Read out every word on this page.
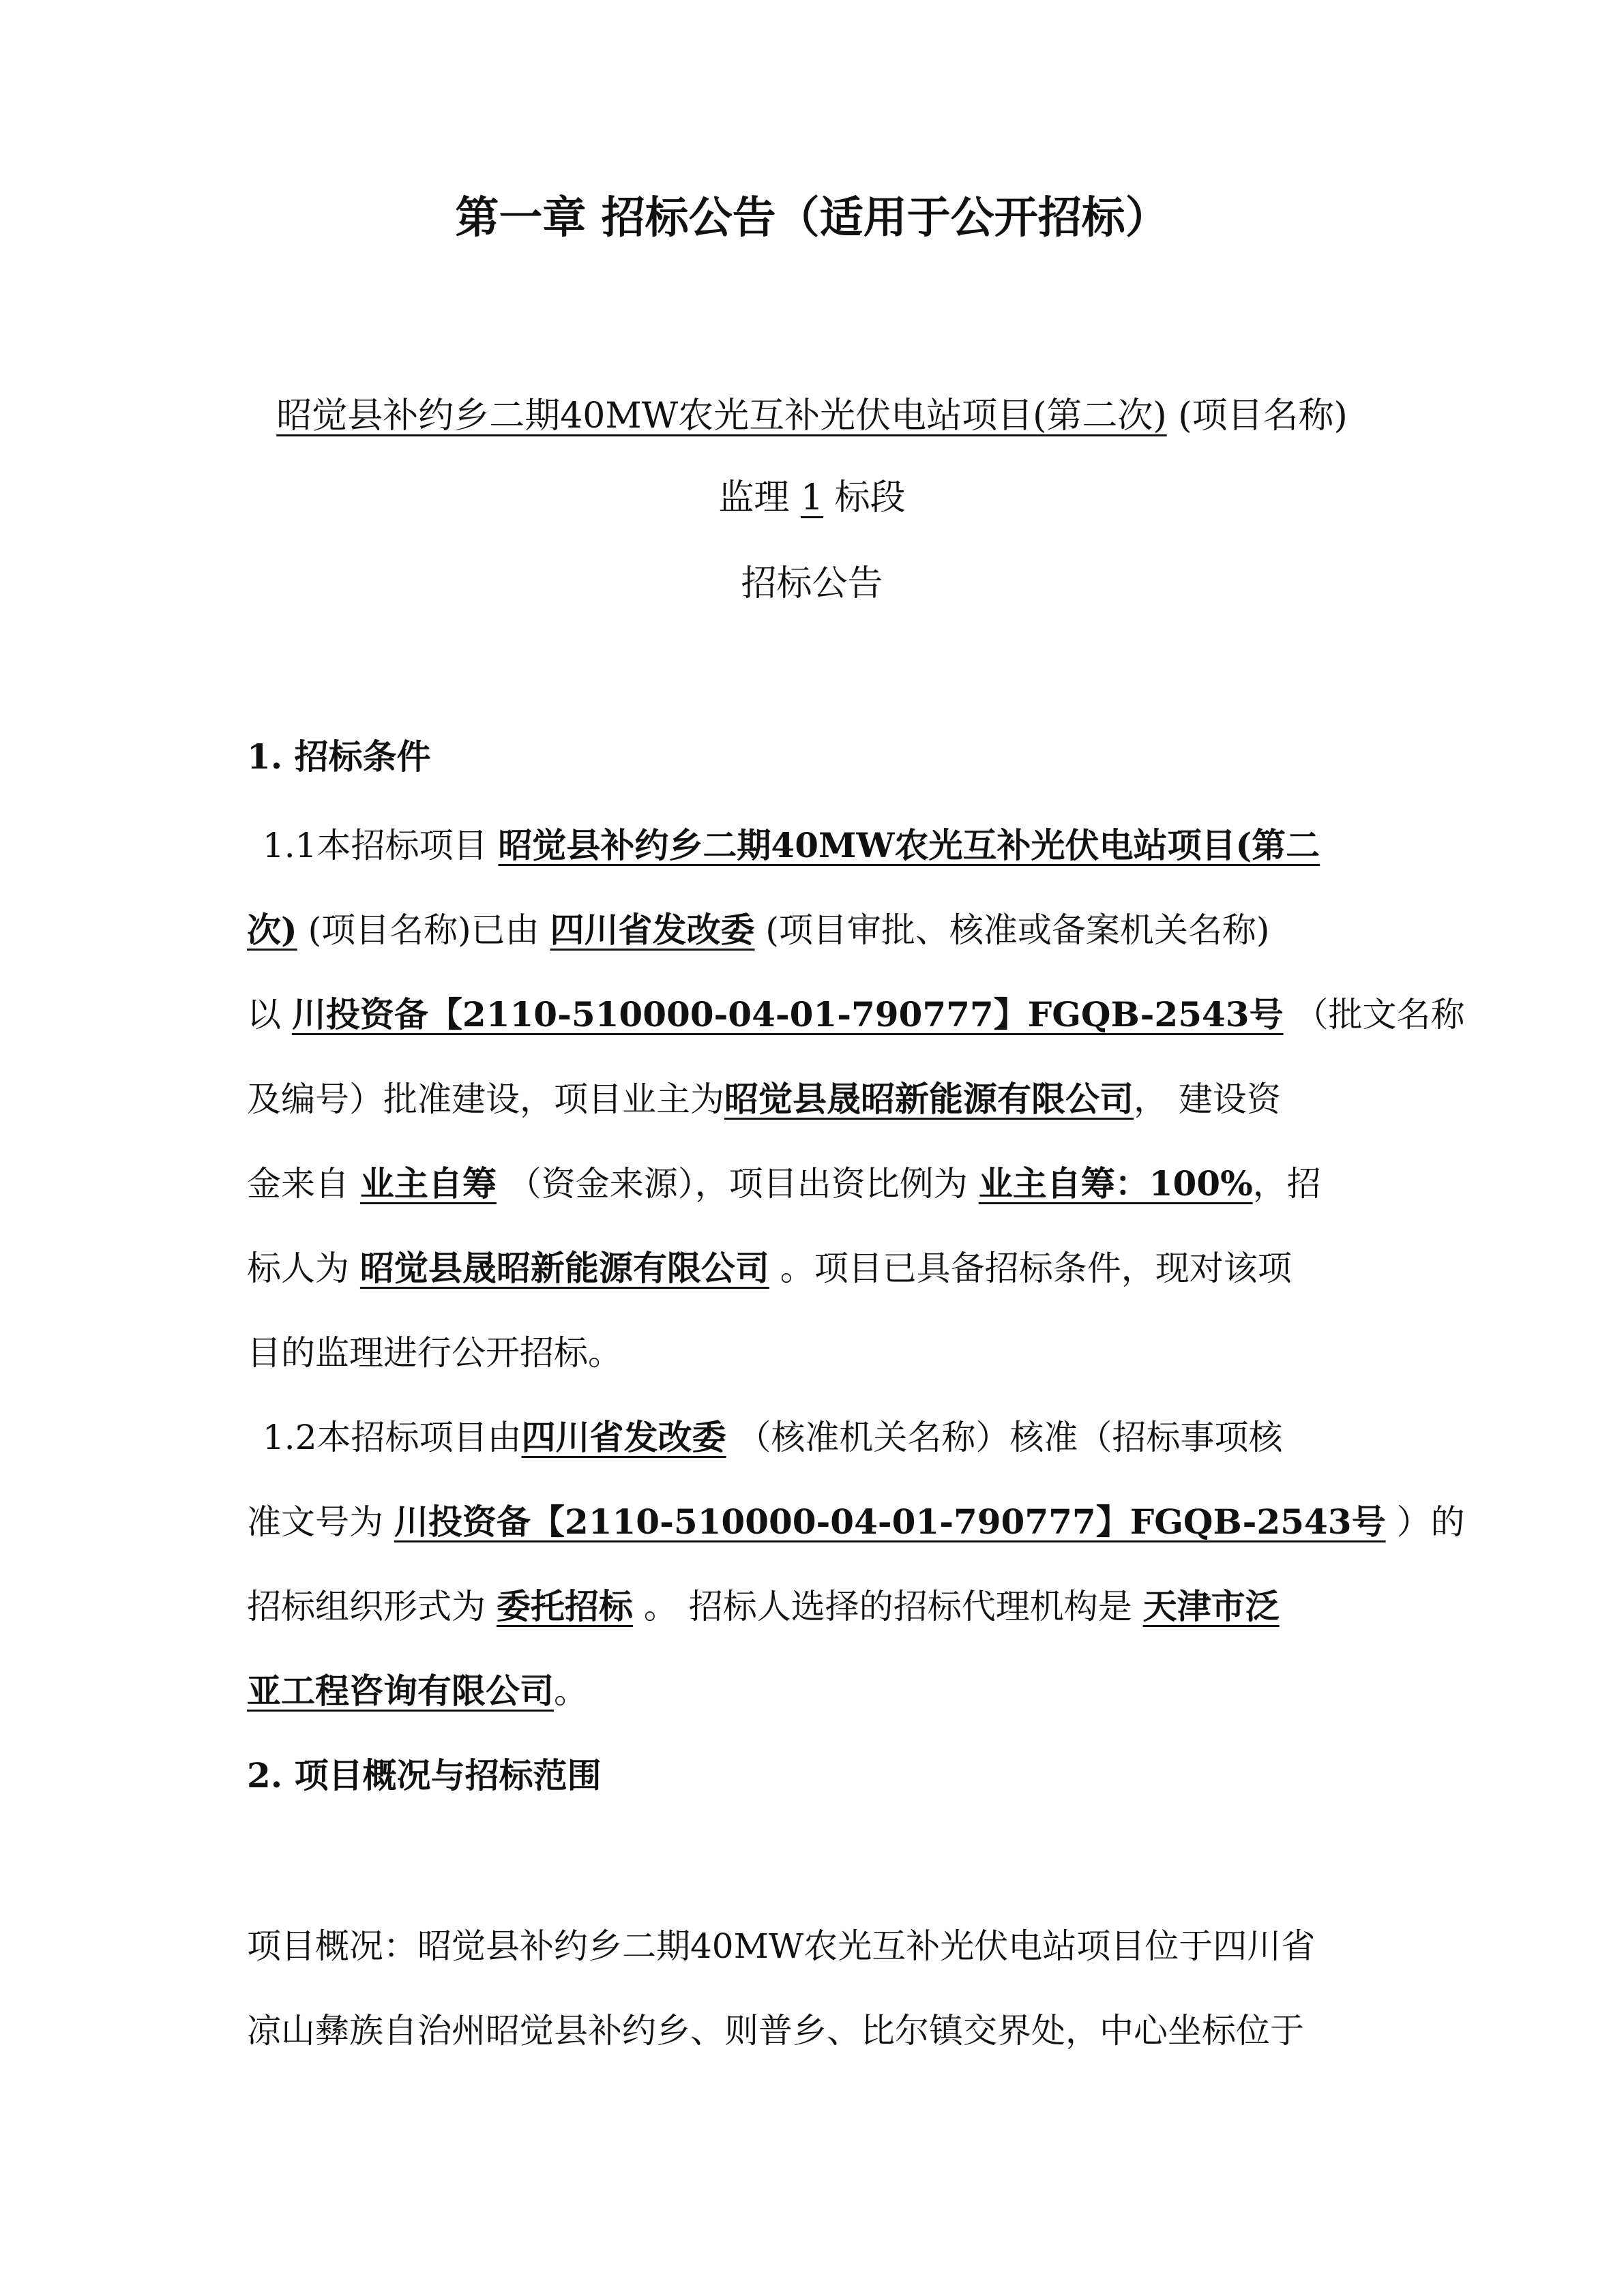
第一章 招标公告（适用于公开招标）
昭觉县补约乡二期40MW农光互补光伏电站项目(第二次) (项目名称)
监理 1 标段
招标公告
1. 招标条件
1.1本招标项目 昭觉县补约乡二期40MW农光互补光伏电站项目(第二
次) (项目名称)已由 四川省发改委 (项目审批、核准或备案机关名称)
以 川投资备【2110-510000-04-01-790777】FGQB-2543号 （批文名称
及编号）批准建设，项目业主为昭觉县晟昭新能源有限公司， 建设资
金来自 业主自筹 （资金来源），项目出资比例为 业主自筹：100%，招
标人为 昭觉县晟昭新能源有限公司 。项目已具备招标条件，现对该项
目的监理进行公开招标。
1.2本招标项目由四川省发改委 （核准机关名称）核准（招标事项核
准文号为 川投资备【2110-510000-04-01-790777】FGQB-2543号 ）的
招标组织形式为 委托招标 。 招标人选择的招标代理机构是 天津市泛
亚工程咨询有限公司。
2. 项目概况与招标范围
项目概况：昭觉县补约乡二期40MW农光互补光伏电站项目位于四川省
凉山彝族自治州昭觉县补约乡、则普乡、比尔镇交界处，中心坐标位于
